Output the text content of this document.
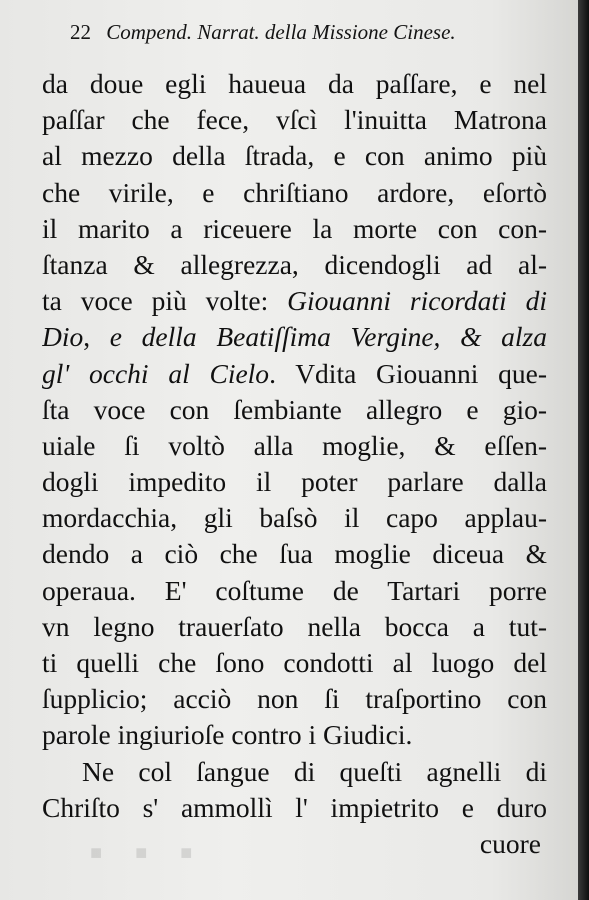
22 Compend. Narrat. della Missione Cinese.
da doue egli haueua da paſſare, e nel
paſſar che fece, vſcì l'inuitta Matrona
al mezzo della ſtrada, e con animo più
che virile, e chriſtiano ardore, eſortò
il marito a riceuere la morte con con-
ſtanza & allegrezza, dicendogli ad al-
ta voce più volte: Giouanni ricordati di
Dio, e della Beatiſſima Vergine, & alza
gl' occhi al Cielo. Vdita Giouanni que-
ſta voce con ſembiante allegro e gio-
uiale ſi voltò alla moglie, & eſſen-
dogli impedito il poter parlare dalla
mordacchia, gli baſsò il capo applau-
dendo a ciò che ſua moglie diceua &
operaua. E' coſtume de Tartari porre
vn legno trauerſato nella bocca a tut-
ti quelli che ſono condotti al luogo del
ſupplicio; acciò non ſi traſportino con
parole ingiurioſe contro i Giudici.
Ne col ſangue di queſti agnelli di
Chriſto s' ammollì l' impietrito e duro
cuore
■ ■ ■
